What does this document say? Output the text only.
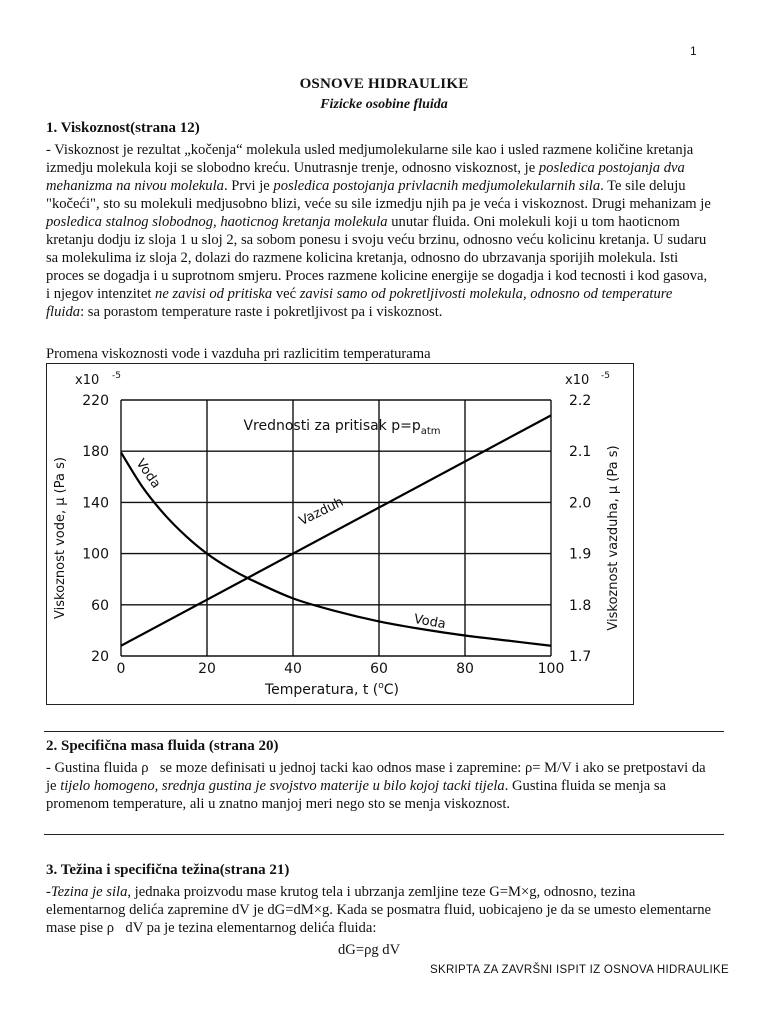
1
OSNOVE HIDRAULIKE
Fizicke osobine fluida
1. Viskoznost(strana 12)
- Viskoznost je rezultat „kočenja“ molekula usled medjumolekularne sile kao i usled razmene količine kretanja izmedju molekula koji se slobodno kreću. Unutrasnje trenje, odnosno viskoznost, je posledica postojanja dva mehanizma na nivou molekula. Prvi je posledica postojanja privlacnih medjumolekularnih sila. Te sile deluju "kočeći", sto su molekuli medjusobno blizi, veće su sile izmedju njih pa je veća i viskoznost. Drugi mehanizam je posledica stalnog slobodnog, haoticnog kretanja molekula unutar fluida. Oni molekuli koji u tom haoticnom kretanju dodju iz sloja 1 u sloj 2, sa sobom ponesu i svoju veću brzinu, odnosno veću kolicinu kretanja. U sudaru sa molekulima iz sloja 2, dolazi do razmene kolicina kretanja, odnosno do ubrzavanja sporijih molekula. Isti proces se dogadja i u suprotnom smjeru. Proces razmene kolicine energije se dogadja i kod tecnosti i kod gasova, i njegov intenzitet ne zavisi od pritiska već zavisi samo od pokretljivosti molekula, odnosno od temperature fluida: sa porastom temperature raste i pokretljivost pa i viskoznost.
Promena viskoznosti vode i vazduha pri razlicitim temperaturama
0	20	40	60	80	100
20
60
100
140
180
220
1.7
1.8
1.9
2.0
2.1
2.2
x10 -5	x10 -5
Temperatura, t ($^o$C)
Viskoznost vode, μ (Pa s)	Viskoznost vazduha, μ (Pa s)
Vrednosti za pritisak $p=p_{atm}$
Voda
Vazduh
Voda
2. Specifična masa fluida (strana 20)
- Gustina fluida ρ⃞se moze definisati u jednoj tacki kao odnos mase i zapremine: ρ= M/V i ako se pretpostavi da je tijelo homogeno, srednja gustina je svojstvo materije u bilo kojoj tacki tijela. Gustina fluida se menja sa promenom temperature, ali u znatno manjoj meri nego sto se menja viskoznost.
3. Težina i specifična težina(strana 21)
-Tezina je sila, jednaka proizvodu mase krutog tela i ubrzanja zemljine teze G=M×g, odnosno, tezina elementarnog delića zapremine dV je dG=dM×g. Kada se posmatra fluid, uobicajeno je da se umesto elementarne mase pise ρ⃞dV pa je tezina elementarnog delića fluida:
dG=ρg dV
SKRIPTA ZA ZAVRŠNI ISPIT IZ OSNOVA HIDRAULIKE
